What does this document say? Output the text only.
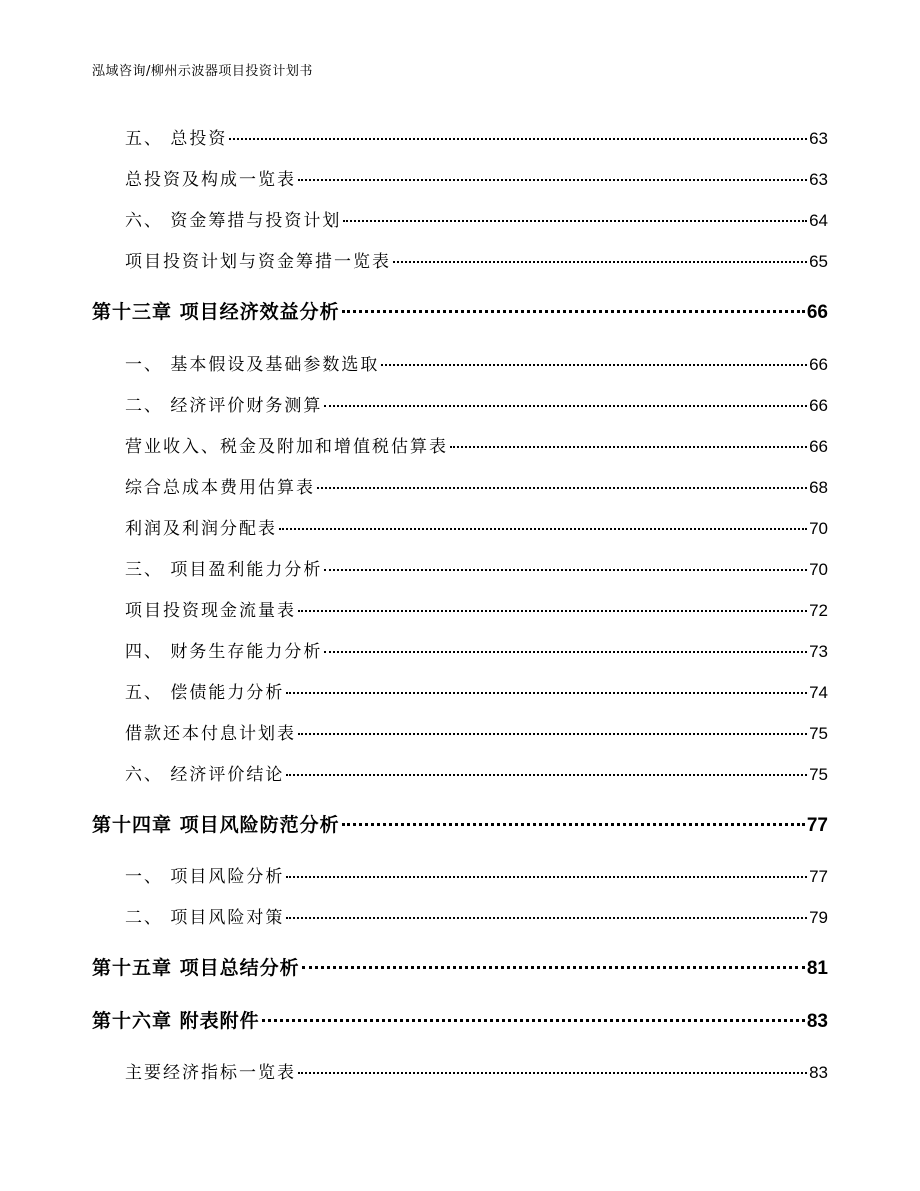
泓域咨询/柳州示波器项目投资计划书
五、 总投资	63
总投资及构成一览表	63
六、 资金筹措与投资计划	64
项目投资计划与资金筹措一览表	65
第十三章 项目经济效益分析	66
一、 基本假设及基础参数选取	66
二、 经济评价财务测算	66
营业收入、税金及附加和增值税估算表	66
综合总成本费用估算表	68
利润及利润分配表	70
三、 项目盈利能力分析	70
项目投资现金流量表	72
四、 财务生存能力分析	73
五、 偿债能力分析	74
借款还本付息计划表	75
六、 经济评价结论	75
第十四章 项目风险防范分析	77
一、 项目风险分析	77
二、 项目风险对策	79
第十五章 项目总结分析	81
第十六章 附表附件	83
主要经济指标一览表	83
